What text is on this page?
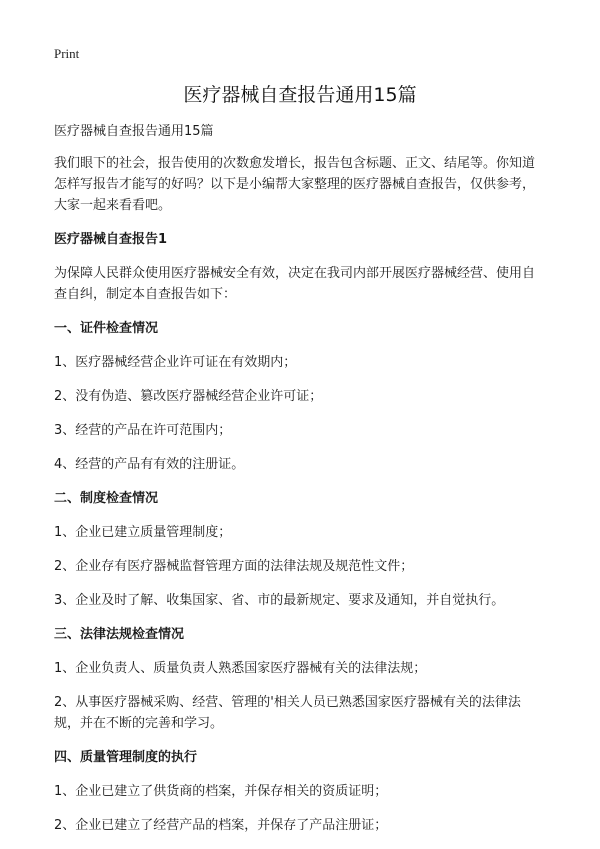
Print
医疗器械自查报告通用15篇

医疗器械自查报告通用15篇

我们眼下的社会，报告使用的次数愈发增长，报告包含标题、正文、结尾等。你知道怎样写报告才能写的好吗？以下是小编帮大家整理的医疗器械自查报告，仅供参考，大家一起来看看吧。

医疗器械自查报告1

为保障人民群众使用医疗器械安全有效，决定在我司内部开展医疗器械经营、使用自查自纠，制定本自查报告如下：

一、证件检查情况

1、医疗器械经营企业许可证在有效期内；

2、没有伪造、篡改医疗器械经营企业许可证；

3、经营的产品在许可范围内；

4、经营的产品有有效的注册证。

二、制度检查情况

1、企业已建立质量管理制度；

2、企业存有医疗器械监督管理方面的法律法规及规范性文件；

3、企业及时了解、收集国家、省、市的最新规定、要求及通知，并自觉执行。

三、法律法规检查情况

1、企业负责人、质量负责人熟悉国家医疗器械有关的法律法规；

2、从事医疗器械采购、经营、管理的'相关人员已熟悉国家医疗器械有关的法律法规，并在不断的完善和学习。

四、质量管理制度的执行

1、企业已建立了供货商的档案，并保存相关的资质证明；

2、企业已建立了经营产品的档案，并保存了产品注册证；
